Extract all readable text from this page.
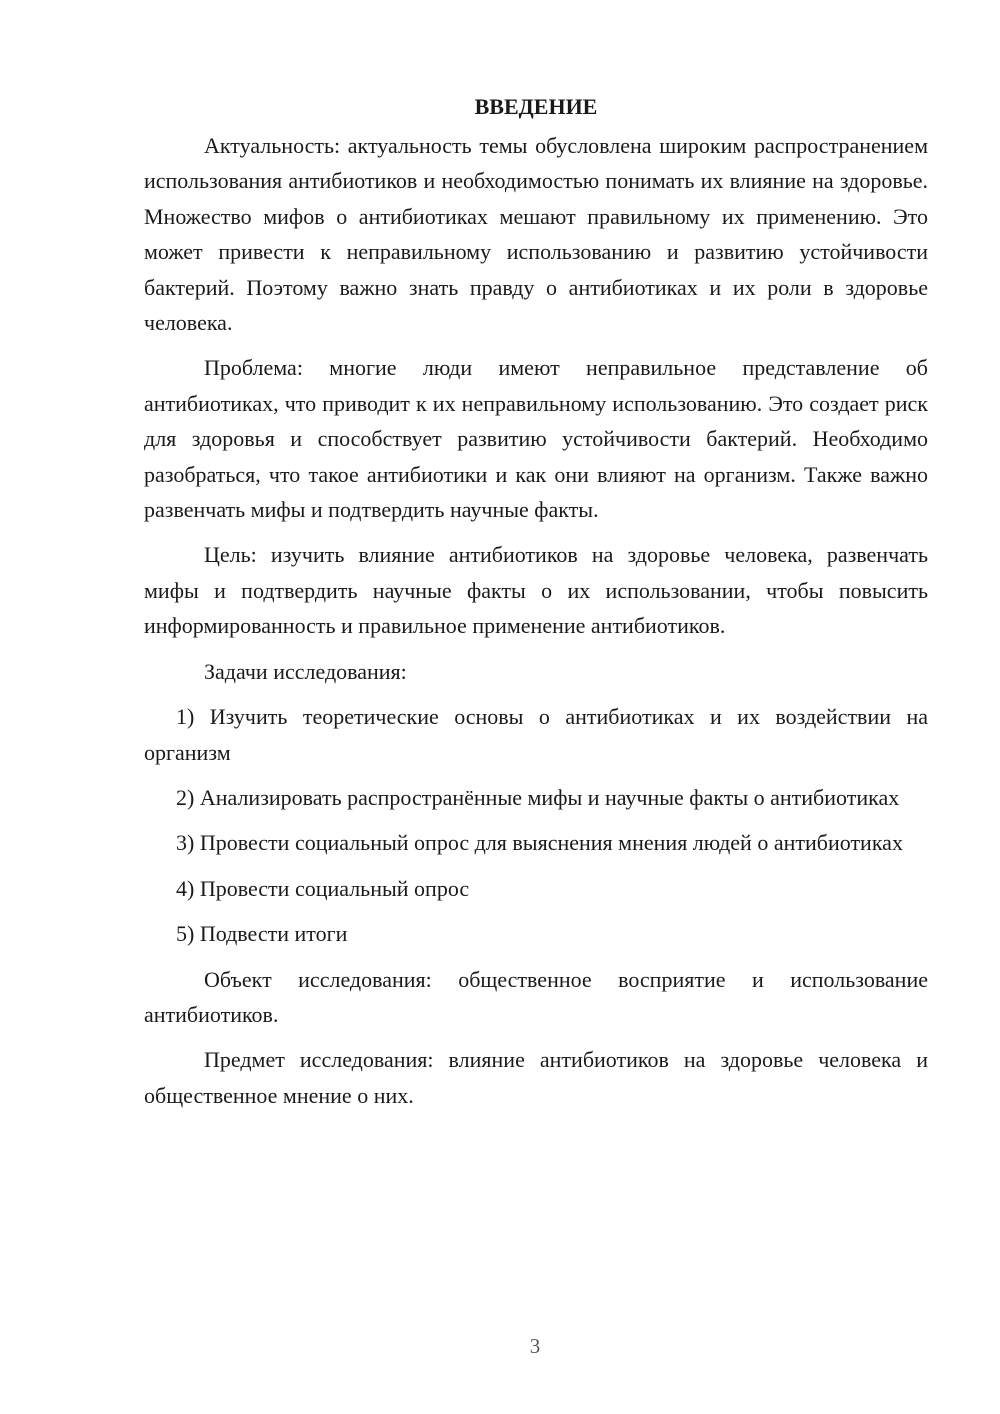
ВВЕДЕНИЕ

Актуальность: актуальность темы обусловлена широким распространением использования антибиотиков и необходимостью понимать их влияние на здоровье. Множество мифов о антибиотиках мешают правильному их применению. Это может привести к неправильному использованию и развитию устойчивости бактерий. Поэтому важно знать правду о антибиотиках и их роли в здоровье человека.

Проблема: многие люди имеют неправильное представление об антибиотиках, что приводит к их неправильному использованию. Это создает риск для здоровья и способствует развитию устойчивости бактерий. Необходимо разобраться, что такое антибиотики и как они влияют на организм. Также важно развенчать мифы и подтвердить научные факты.

Цель: изучить влияние антибиотиков на здоровье человека, развенчать мифы и подтвердить научные факты о их использовании, чтобы повысить информированность и правильное применение антибиотиков.

Задачи исследования:

1) Изучить теоретические основы о антибиотиках и их воздействии на организм

2) Анализировать распространённые мифы и научные факты о антибиотиках

3) Провести социальный опрос для выяснения мнения людей о антибиотиках

4) Провести социальный опрос

5) Подвести итоги

Объект исследования: общественное восприятие и использование антибиотиков.

Предмет исследования: влияние антибиотиков на здоровье человека и общественное мнение о них.

3
